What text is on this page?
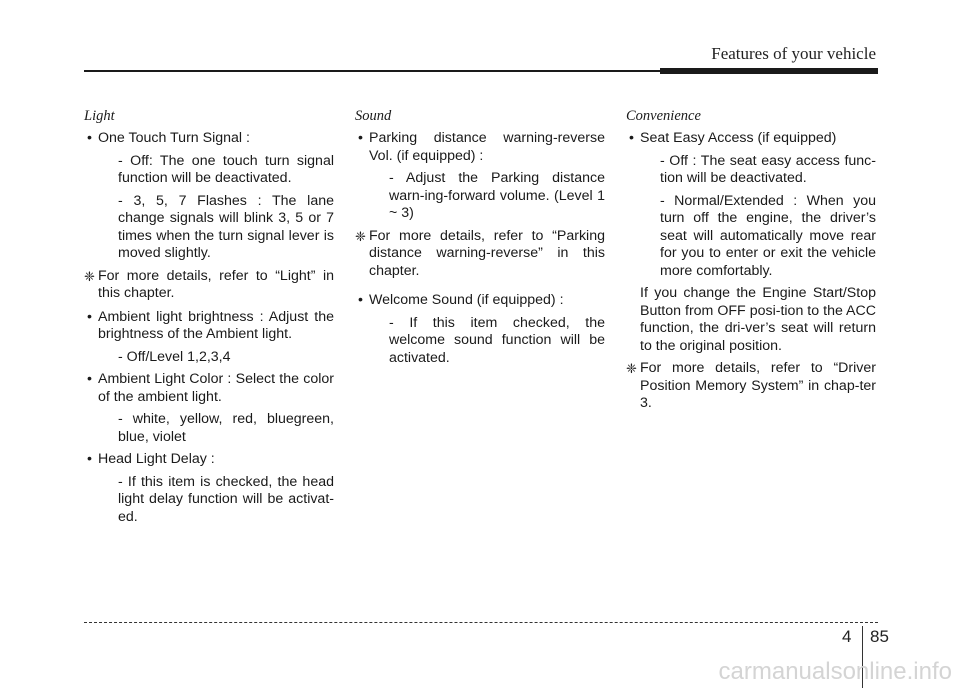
Features of your vehicle
Light
• One Touch Turn Signal :
- Off: The one touch turn signal function will be deactivated.
- 3, 5, 7 Flashes : The lane change signals will blink 3, 5 or 7 times when the turn signal lever is moved slightly.
❈ For more details, refer to “Light” in this chapter.
• Ambient light brightness : Adjust the brightness of the Ambient light.
- Off/Level 1,2,3,4
• Ambient Light Color : Select the color of the ambient light.
- white, yellow, red, bluegreen, blue, violet
• Head Light Delay :
- If this item is checked, the head light delay function will be activat-ed.
Sound
• Parking distance warning-reverse Vol. (if equipped) :
- Adjust the Parking distance warn-ing-forward volume. (Level 1 ~ 3)
❈ For more details, refer to “Parking distance warning-reverse” in this chapter.
• Welcome Sound (if equipped) :
- If this item checked, the welcome sound function will be activated.
Convenience
• Seat Easy Access (if equipped)
- Off : The seat easy access func-tion will be deactivated.
- Normal/Extended : When you turn off the engine, the driver’s seat will automatically move rear for you to enter or exit the vehicle more comfortably.
If you change the Engine Start/Stop Button from OFF posi-tion to the ACC function, the dri-ver’s seat will return to the original position.
❈ For more details, refer to “Driver Position Memory System” in chap-ter 3.
4 85
carmanualsonline.info
